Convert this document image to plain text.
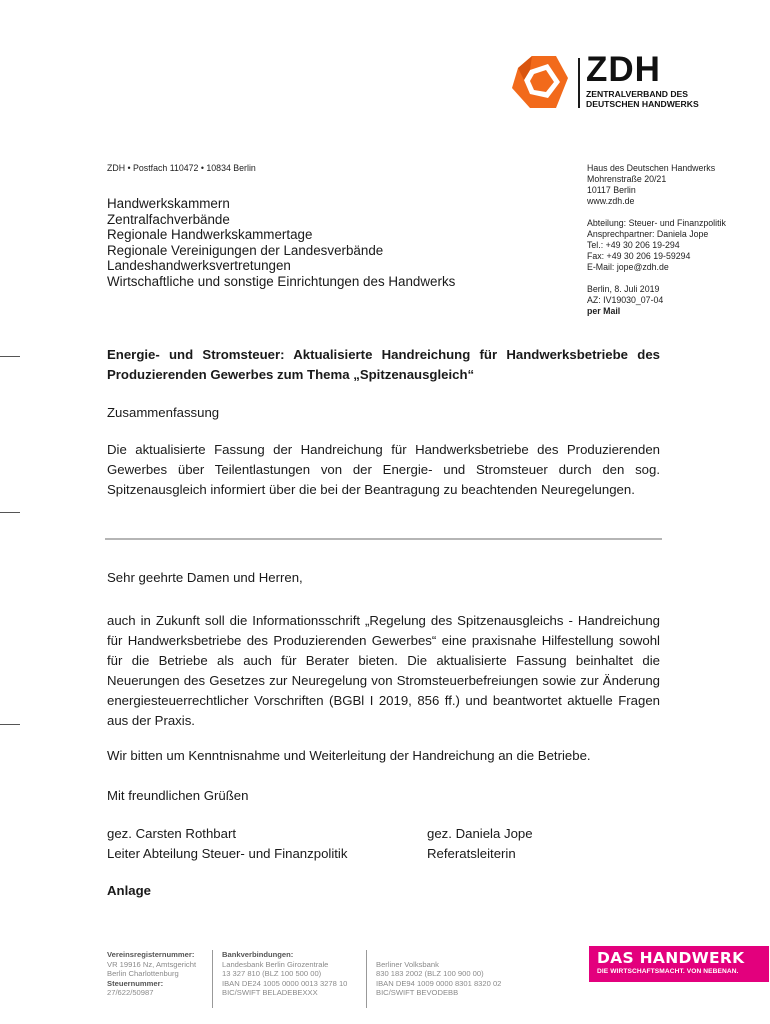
ZDH
ZENTRALVERBAND DES
DEUTSCHEN HANDWERKS
ZDH • Postfach 110472 • 10834 Berlin
Handwerkskammern
Zentralfachverbände
Regionale Handwerkskammertage
Regionale Vereinigungen der Landesverbände
Landeshandwerksvertretungen
Wirtschaftliche und sonstige Einrichtungen des Handwerks
Haus des Deutschen Handwerks
Mohrenstraße 20/21
10117 Berlin
www.zdh.de
Abteilung: Steuer- und Finanzpolitik
Ansprechpartner: Daniela Jope
Tel.: +49 30 206 19-294
Fax: +49 30 206 19-59294
E-Mail: jope@zdh.de
Berlin, 8. Juli 2019
AZ: IV19030_07-04
per Mail
Energie- und Stromsteuer: Aktualisierte Handreichung für Handwerksbetriebe des Produzierenden Gewerbes zum Thema „Spitzenausgleich“
Zusammenfassung
Die aktualisierte Fassung der Handreichung für Handwerksbetriebe des Produzierenden Gewerbes über Teilentlastungen von der Energie- und Stromsteuer durch den sog. Spitzenausgleich informiert über die bei der Beantragung zu beachtenden Neuregelungen.
Sehr geehrte Damen und Herren,
auch in Zukunft soll die Informationsschrift „Regelung des Spitzenausgleichs - Handreichung für Handwerksbetriebe des Produzierenden Gewerbes“ eine praxisnahe Hilfestellung sowohl für die Betriebe als auch für Berater bieten. Die aktualisierte Fassung beinhaltet die Neuerungen des Gesetzes zur Neuregelung von Stromsteuerbefreiungen sowie zur Änderung energiesteuerrechtlicher Vorschriften (BGBl I 2019, 856 ff.) und beantwortet aktuelle Fragen aus der Praxis.
Wir bitten um Kenntnisnahme und Weiterleitung der Handreichung an die Betriebe.
Mit freundlichen Grüßen
gez. Carsten Rothbart
Leiter Abteilung Steuer- und Finanzpolitik
gez. Daniela Jope
Referatsleiterin
Anlage
Vereinsregisternummer:
VR 19916 Nz, Amtsgericht
Berlin Charlottenburg
Steuernummer:
27/622/50987
Bankverbindungen:
Landesbank Berlin Girozentrale
13 327 810 (BLZ 100 500 00)
IBAN DE24 1005 0000 0013 3278 10
BIC/SWIFT BELADEBEXXX
Berliner Volksbank
830 183 2002 (BLZ 100 900 00)
IBAN DE94 1009 0000 8301 8320 02
BIC/SWIFT BEVODEBB
DAS HANDWERK
DIE WIRTSCHAFTSMACHT. VON NEBENAN.
